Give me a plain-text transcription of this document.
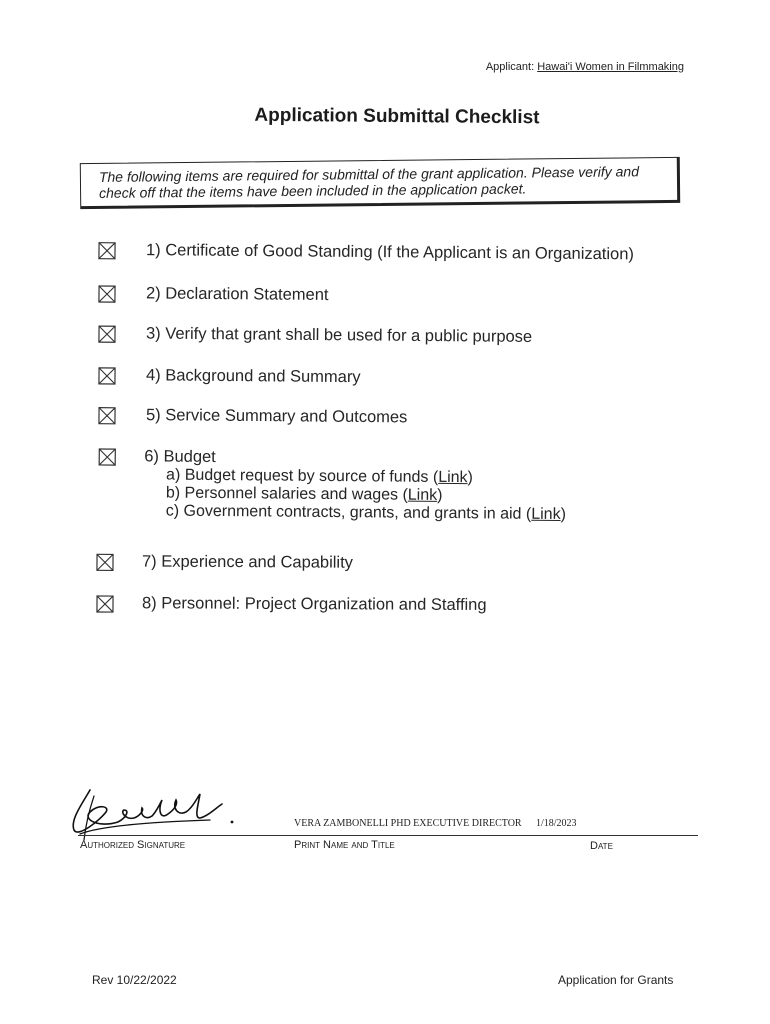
Applicant: Hawai'i Women in Filmmaking
Application Submittal Checklist
The following items are required for submittal of the grant application. Please verify and
check off that the items have been included in the application packet.
1) Certificate of Good Standing (If the Applicant is an Organization)
2) Declaration Statement
3) Verify that grant shall be used for a public purpose
4) Background and Summary
5) Service Summary and Outcomes
6) Budget
a) Budget request by source of funds (Link)
b) Personnel salaries and wages (Link)
c) Government contracts, grants, and grants in aid (Link)
7) Experience and Capability
8) Personnel: Project Organization and Staffing
VERA ZAMBONELLI PHD EXECUTIVE DIRECTOR 1/18/2023
Authorized Signature	Print Name and Title	Date
Rev 10/22/2022	Application for Grants
